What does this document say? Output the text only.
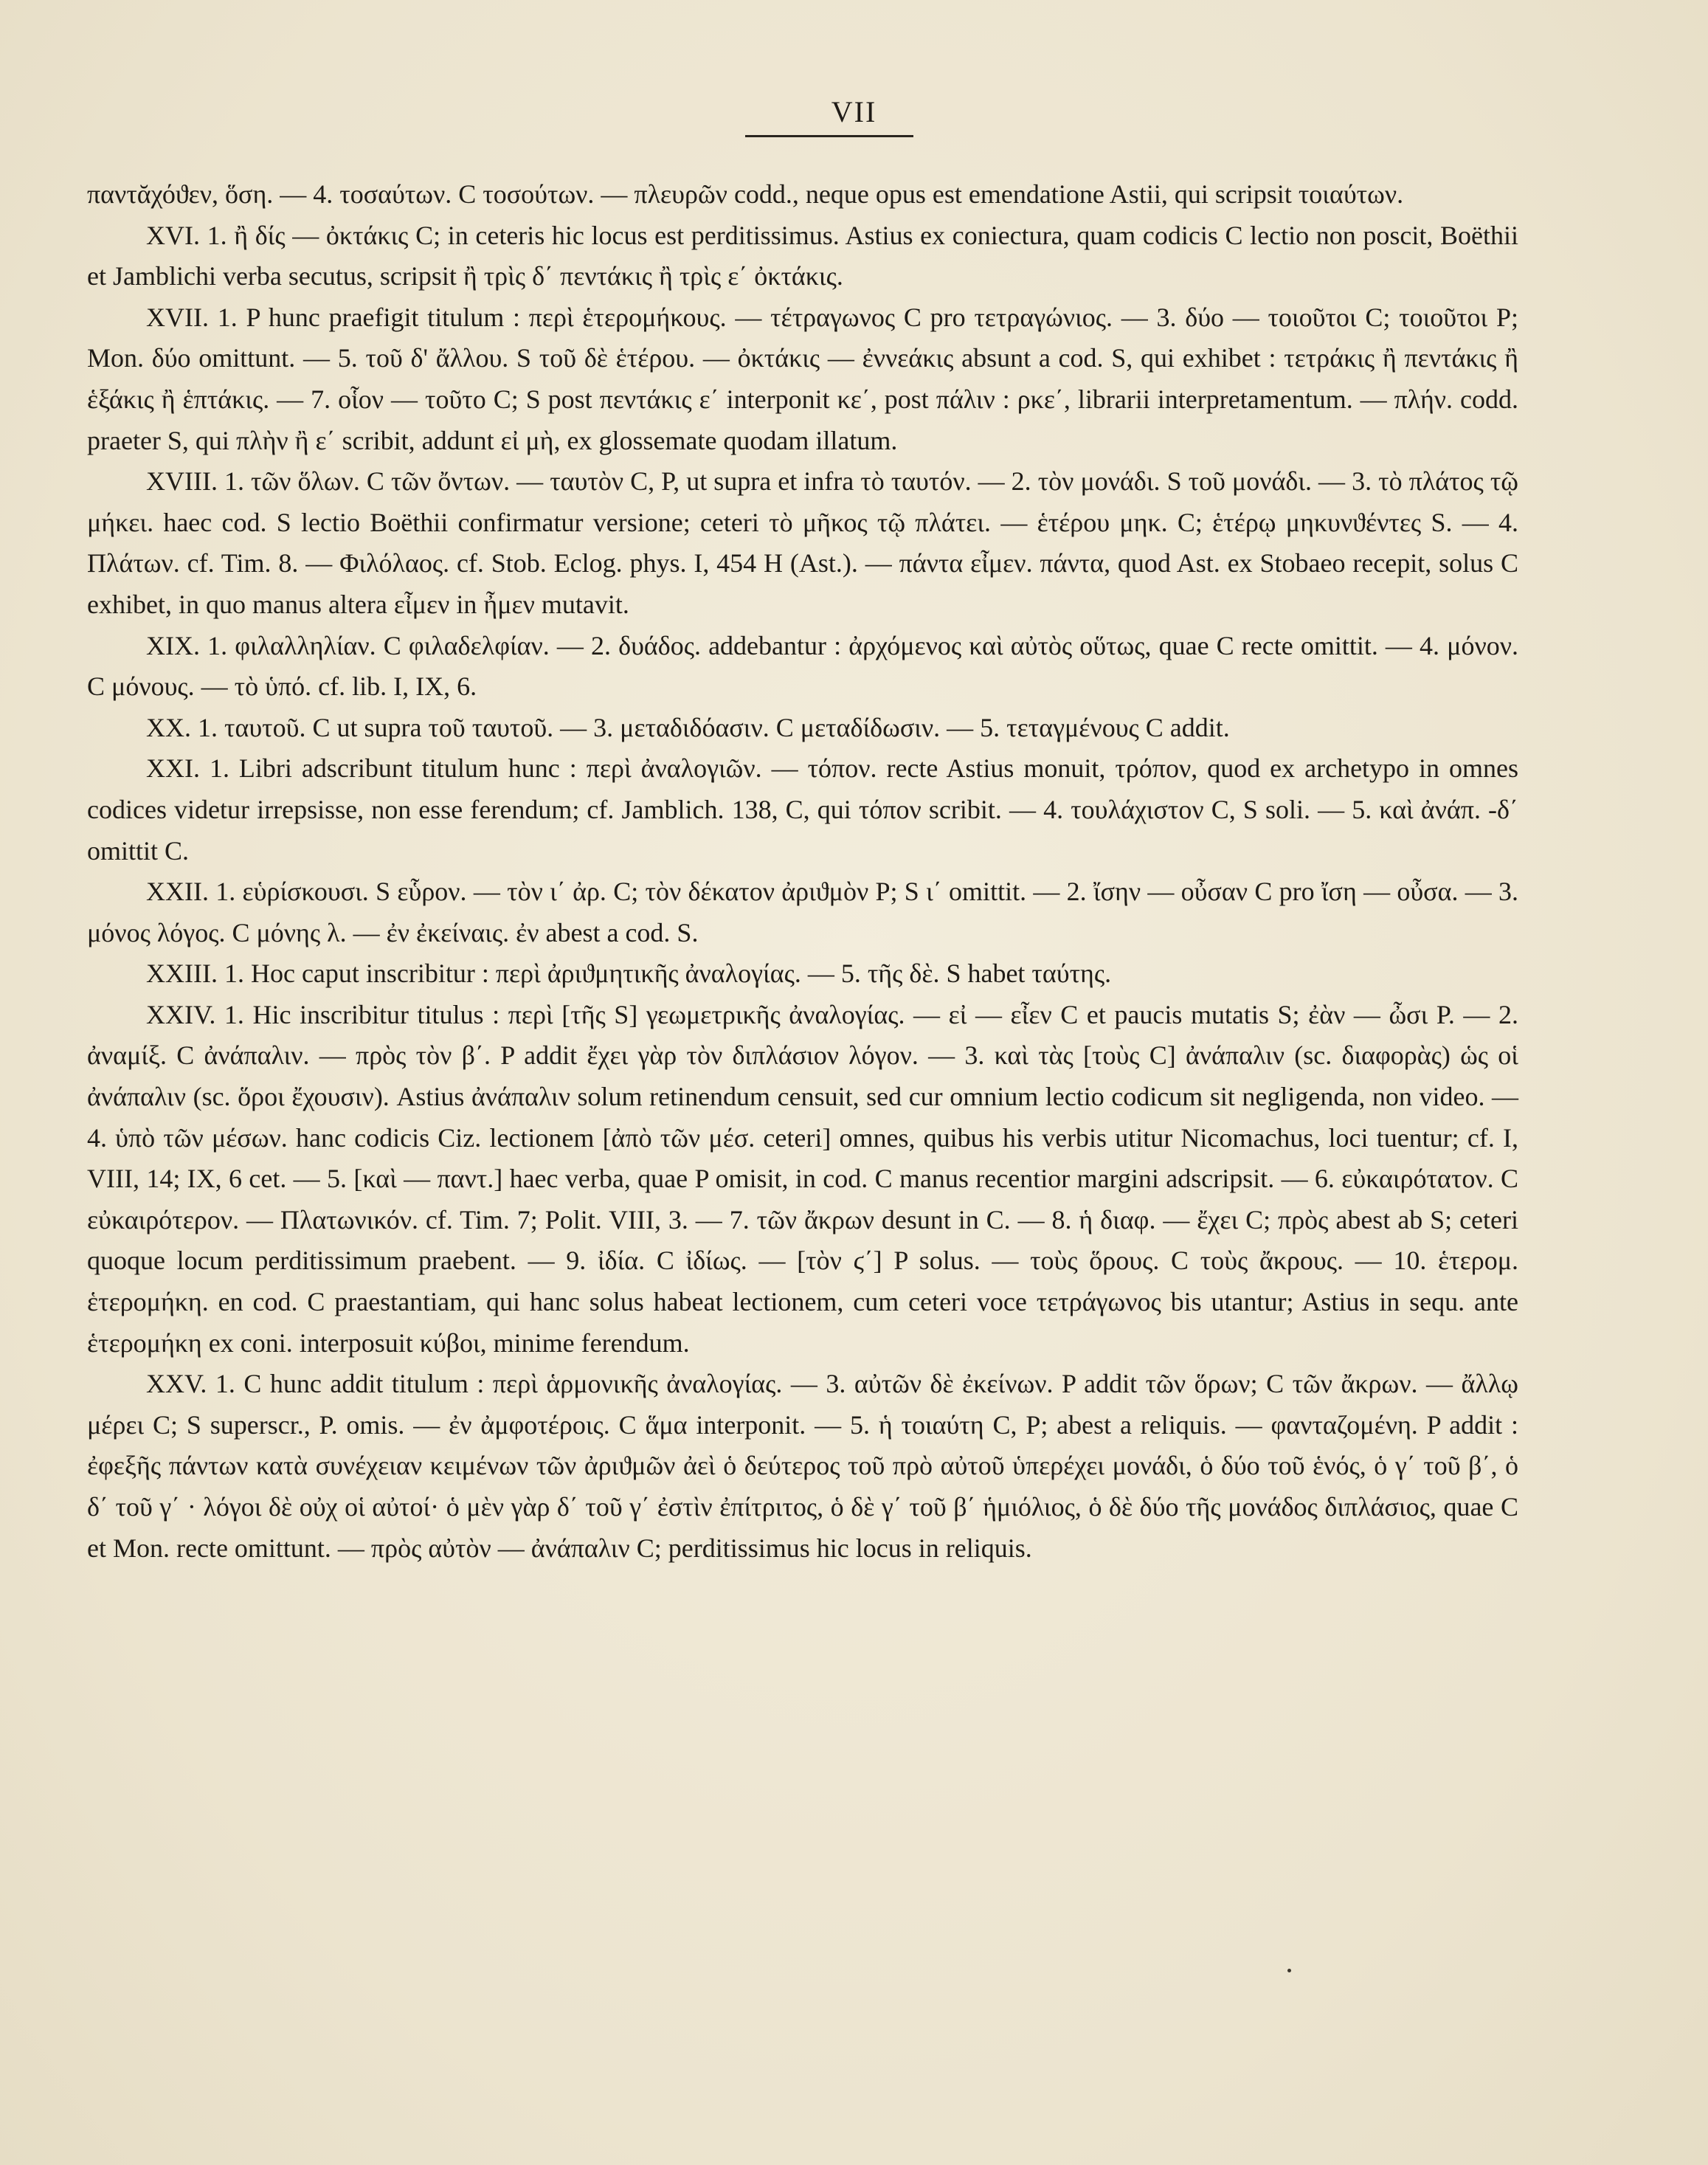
VII

παντᾰχόϑεν, ὅση. — 4. τοσαύτων. C τοσούτων. — πλευρῶν codd., neque opus est emendatione Astii, qui scripsit τοιαύτων.

XVI. 1. ἢ δίς — ὀκτάκις C; in ceteris hic locus est perditissimus. Astius ex coniectura, quam codicis C lectio non poscit, Boëthii et Jamblichi verba secutus, scripsit ἢ τρὶς δ΄ πεντάκις ἢ τρὶς ε΄ ὀκτάκις.

XVII. 1. P hunc praefigit titulum : περὶ ἑτερομήκους. — τέτραγωνος C pro τετραγώνιος. — 3. δύο — τοιοῦτοι C; τοιοῦτοι P; Mon. δύο omittunt. — 5. τοῦ δ' ἄλλου. S τοῦ δὲ ἑτέρου. — ὀκτάκις — ἐννεάκις absunt a cod. S, qui exhibet : τετράκις ἢ πεντάκις ἢ ἑξάκις ἢ ἑπτάκις. — 7. οἷον — τοῦτο C; S post πεντάκις ε΄ interponit κε΄, post πάλιν : ρκε΄, librarii interpretamentum. — πλήν. codd. praeter S, qui πλὴν ἢ ε΄ scribit, addunt εἰ μὴ, ex glossemate quodam illatum.

XVIII. 1. τῶν ὅλων. C τῶν ὄντων. — ταυτὸν C, P, ut supra et infra τὸ ταυτόν. — 2. τὸν μονάδι. S τοῦ μονάδι. — 3. τὸ πλάτος τῷ μήκει. haec cod. S lectio Boëthii confirmatur versione; ceteri τὸ μῆκος τῷ πλάτει. — ἑτέρου μηκ. C; ἑτέρῳ μηκυνϑέντες S. — 4. Πλάτων. cf. Tim. 8. — Φιλόλαος. cf. Stob. Eclog. phys. I, 454 H (Ast.). — πάντα εἶμεν. πάντα, quod Ast. ex Stobaeo recepit, solus C exhibet, in quo manus altera εἶμεν in ἦμεν mutavit.

XIX. 1. φιλαλληλίαν. C φιλαδελφίαν. — 2. δυάδος. addebantur : ἀρχόμενος καὶ αὐτὸς οὕτως, quae C recte omittit. — 4. μόνον. C μόνους. — τὸ ὑπό. cf. lib. I, IX, 6.

XX. 1. ταυτοῦ. C ut supra τοῦ ταυτοῦ. — 3. μεταδιδόασιν. C μεταδίδωσιν. — 5. τεταγμένους C addit.

XXI. 1. Libri adscribunt titulum hunc : περὶ ἀναλογιῶν. — τόπον. recte Astius monuit, τρόπον, quod ex archetypo in omnes codices videtur irrepsisse, non esse ferendum; cf. Jamblich. 138, C, qui τόπον scribit. — 4. τουλάχιστον C, S soli. — 5. καὶ ἀνάπ. -δ΄ omittit C.

XXII. 1. εὑρίσκουσι. S εὗρον. — τὸν ι΄ ἀρ. C; τὸν δέκατον ἀριϑμὸν P; S ι΄ omittit. — 2. ἴσην — οὖσαν C pro ἴση — οὖσα. — 3. μόνος λόγος. C μόνης λ. — ἐν ἐκείναις. ἐν abest a cod. S.

XXIII. 1. Hoc caput inscribitur : περὶ ἀριϑμητικῆς ἀναλογίας. — 5. τῆς δὲ. S habet ταύτης.

XXIV. 1. Hic inscribitur titulus : περὶ [τῆς S] γεωμετρικῆς ἀναλογίας. — εἰ — εἶεν C et paucis mutatis S; ἐὰν — ὦσι P. — 2. ἀναμίξ. C ἀνάπαλιν. — πρὸς τὸν β΄. P addit ἔχει γὰρ τὸν διπλάσιον λόγον. — 3. καὶ τὰς [τοὺς C] ἀνάπαλιν (sc. διαφορὰς) ὡς οἱ ἀνάπαλιν (sc. ὅροι ἔχουσιν). Astius ἀνάπαλιν solum retinendum censuit, sed cur omnium lectio codicum sit negligenda, non video. — 4. ὑπὸ τῶν μέσων. hanc codicis Ciz. lectionem [ἀπὸ τῶν μέσ. ceteri] omnes, quibus his verbis utitur Nicomachus, loci tuentur; cf. I, VIII, 14; IX, 6 cet. — 5. [καὶ — παντ.] haec verba, quae P omisit, in cod. C manus recentior margini adscripsit. — 6. εὐκαιρότατον. C εὐκαιρότερον. — Πλατωνικόν. cf. Tim. 7; Polit. VIII, 3. — 7. τῶν ἄκρων desunt in C. — 8. ἡ διαφ. — ἔχει C; πρὸς abest ab S; ceteri quoque locum perditissimum praebent. — 9. ἰδία. C ἰδίως. — [τὸν ϛ΄] P solus. — τοὺς ὅρους. C τοὺς ἄκρους. — 10. ἑτερομ. ἑτερομήκη. en cod. C praestantiam, qui hanc solus habeat lectionem, cum ceteri voce τετράγωνος bis utantur; Astius in sequ. ante ἑτερομήκη ex coni. interposuit κύβοι, minime ferendum.

XXV. 1. C hunc addit titulum : περὶ ἁρμονικῆς ἀναλογίας. — 3. αὐτῶν δὲ ἐκείνων. P addit τῶν ὅρων; C τῶν ἄκρων. — ἄλλῳ μέρει C; S superscr., P. omis. — ἐν ἀμφοτέροις. C ἅμα interponit. — 5. ἡ τοιαύτη C, P; abest a reliquis. — φανταζομένη. P addit : ἐφεξῆς πάντων κατὰ συνέχειαν κειμένων τῶν ἀριϑμῶν ἀεὶ ὁ δεύτερος τοῦ πρὸ αὐτοῦ ὑπερέχει μονάδι, ὁ δύο τοῦ ἑνός, ὁ γ΄ τοῦ β΄, ὁ δ΄ τοῦ γ΄ · λόγοι δὲ οὐχ οἱ αὐτοί· ὁ μὲν γὰρ δ΄ τοῦ γ΄ ἐστὶν ἐπίτριτος, ὁ δὲ γ΄ τοῦ β΄ ἡμιόλιος, ὁ δὲ δύο τῆς μονάδος διπλάσιος, quae C et Mon. recte omittunt. — πρὸς αὐτὸν — ἀνάπαλιν C; perditissimus hic locus in reliquis.
